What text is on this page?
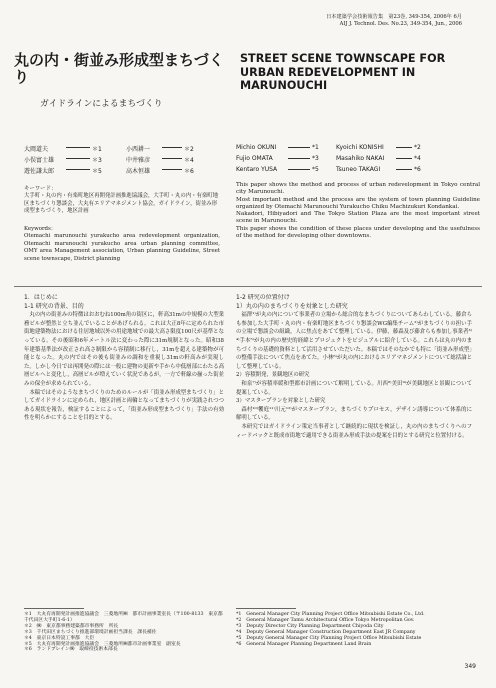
日本建築学会技術報告集　第23巻, 349-354, 2006年 6月
AIJ J. Technol. Des. No.23, 349-354, Jun., 2006
丸の内・街並み形成型まちづくり
ガイドラインによるまちづくり
STREET SCENE TOWNSCAPE FOR URBAN REDEVELOPMENT IN MARUNOUCHI
大岡道夫	＊1	小西耕一	＊2
小俣富士雄	＊3	中井雅彦	＊4
遊佐謙太郎	＊5	高木恒雄	＊6
Michio OKUNI	*1	Kyoichi KONISHI	*2
Fujio OMATA	*3	Masahiko NAKAI	*4
Kentaro YUSA	*5	Tsuneo TAKAGI	*6
キーワード：
大手町・丸の内・有楽町地区再開発計画推進協議会，大手町・丸の内・有楽町地区まちづくり懇談会，大丸有エリアマネジメント協会，ガイドライン，街並み形成型まちづくり，地区計画
Keywords：
Otemachi marunouchi yurakucho area redevelopment organization, Otemachi marunouchi yurakucho area urban planning committee, OMY area Management association, Urban planning Guideline, Street scene townscape, District planning
This paper shows the method and process of urban redevelopment in Tokyo central city Marunouchi.
Most important method and the process are the system of town planning Guideline organized by Otemachi Marunouchi Yurakucho Chiku Machizukuri Kondankai.
Nakadori, Hibiyadori and The Tokyo Station Plaza are the most important street scene in Marunouchi.
This paper shows the condition of these places under developing and the usefulness of the method for developing other downtowns.
1．はじめに
1-1 研究の背景、目的

丸の内の街並みの特徴はおおむね100m角の街区に，軒高31mの中規模の大型業務ビルが整然と立ち並んでいることがあげられる。これは大正8年に定められた市街地建築物法における住居地域以外の用途地域での最大高さ限度100尺が基準となっている。その後昭和6年メートル法に変わった際に31m規制となった。昭和38年建築基準法が改正され高さ制限から容積制に移行し，31mを超える建築物が可能となった。丸の内ではその後も街並みの調和を重視し31mの軒高みが実現した。しかし今日では再開発の際には一般に建物の更新や手から中低層部にわたる高層ビルへと変化し，高層ビルが増えていく状況であるが，一方で軒線の揃った街並みの保全が求められている。

本稿ではそのようなまちづくりのためのルールが「街並み形成型まちづくり」としてガイドラインに定められ，地区計画と両輪となってまちづくりが実践されつつある現状を報告，検証することによって，「街並み形成型まちづくり」手法の有効性を明らかにすることを目的とする。

1-2 研究の位置付け
1）丸の内のまちづくりを対象とした研究

福澤¹⁾が丸の内について事業者の立場から総合的なまちづくりについてあらわしている。藤倉らも参加した大手町・丸の内・有楽町地区まちづくり懇談会WG編集チーム²⁾がまちづくりの担い手の立場で懇談会の組織，人に焦点をあてて整理している。伊藤，藤森及び藤倉らも参加し事業者³⁾⁴⁾手本⁵⁾が丸の内の歴史的経緯とプロジェクトをビジュアルに紹介している。これらは丸の内のまちづくりの基礎的資料として活用させていただいた。本稿ではそのなかでも特に「街並み形成型」の整備手法について焦点をあてた。小林⁶⁾が丸の内におけるエリアマネジメントについて総括論として整理している。

2）容積開発，景観地区の研究

和泉⁷⁾が容積率緩和型都市計画について解明している。川西⁸⁾美田⁹⁾が美観地区と景観について提案している。

3）マスタープランを対象とした研究

森村¹⁰⁾饗庭¹¹⁾川元¹²⁾がマスタープラン，まちづくりプロセス，デザイン誘導について体系的に解明している。

本研究ではガイドライン策定当事者として継続的に現状を検証し，丸の内のまちづくりへのフィードバックと既成市街地で適用できる街並み形成手法の提案を目的とする研究と位置付ける。

＊1　大丸有再開発計画推進協議会　三菱地所㈱　都市計画事業室長（〒100-8133　東京都千代田区大手町1-6-1）
＊2　㈱　東京都事務建築都市事務所　所長
＊3　千代田区まちづくり推進部環境計画担当課長　課長補佐
＊4　東京日本特設工事都　大臣
＊5　大丸有再開発計画推進協議会　三菱地所㈱都市計画事業室　副室長
＊6　ランドブレイン㈱　取締役技術本部長
*1　General Manager City Planning Project Office Mitsubishi Estate Co., Ltd.
*2　General Manager Tamu Architectural Office Tokyo Metropolitan Gov.
*3　Deputy Director City Planning Department Chiyoda City
*4　Deputy General Manager Construction Department East JR Company
*5　Deputy General Manager City Planning Project Office Mitsubishi Estate
*6　General Manager Planning Department Land Brain
349
